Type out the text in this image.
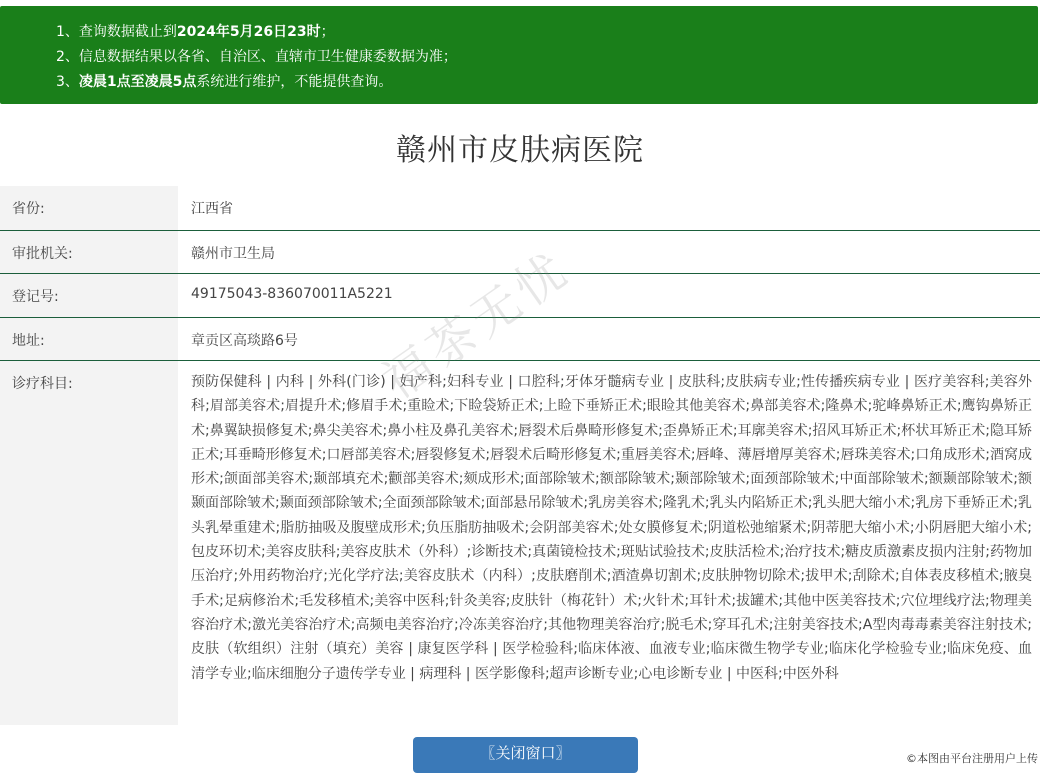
1、查询数据截止到2024年5月26日23时；
2、信息数据结果以各省、自治区、直辖市卫生健康委数据为准；
3、凌晨1点至凌晨5点系统进行维护，不能提供查询。
赣州市皮肤病医院
省份:	江西省
审批机关:	赣州市卫生局
登记号:	49175043-836070011A5221
地址:	章贡区高琰路6号
诊疗科目:	预防保健科 | 内科 | 外科(门诊) | 妇产科;妇科专业 | 口腔科;牙体牙髓病专业 | 皮肤科;皮肤病专业;性传播疾病专业 | 医疗美容科;美容外科;眉部美容术;眉提升术;修眉手术;重睑术;下睑袋矫正术;上睑下垂矫正术;眼睑其他美容术;鼻部美容术;隆鼻术;驼峰鼻矫正术;鹰钩鼻矫正术;鼻翼缺损修复术;鼻尖美容术;鼻小柱及鼻孔美容术;唇裂术后鼻畸形修复术;歪鼻矫正术;耳廓美容术;招风耳矫正术;杯状耳矫正术;隐耳矫正术;耳垂畸形修复术;口唇部美容术;唇裂修复术;唇裂术后畸形修复术;重唇美容术;唇峰、薄唇增厚美容术;唇珠美容术;口角成形术;酒窝成形术;颌面部美容术;颞部填充术;颧部美容术;颏成形术;面部除皱术;额部除皱术;颞部除皱术;面颈部除皱术;中面部除皱术;额颞部除皱术;额颞面部除皱术;颞面颈部除皱术;全面颈部除皱术;面部悬吊除皱术;乳房美容术;隆乳术;乳头内陷矫正术;乳头肥大缩小术;乳房下垂矫正术;乳头乳晕重建术;脂肪抽吸及腹壁成形术;负压脂肪抽吸术;会阴部美容术;处女膜修复术;阴道松弛缩紧术;阴蒂肥大缩小术;小阴唇肥大缩小术;包皮环切术;美容皮肤科;美容皮肤术（外科）;诊断技术;真菌镜检技术;斑贴试验技术;皮肤活检术;治疗技术;糖皮质激素皮损内注射;药物加压治疗;外用药物治疗;光化学疗法;美容皮肤术（内科）;皮肤磨削术;酒渣鼻切割术;皮肤肿物切除术;拔甲术;刮除术;自体表皮移植术;腋臭手术;足病修治术;毛发移植术;美容中医科;针灸美容;皮肤针（梅花针）术;火针术;耳针术;拔罐术;其他中医美容技术;穴位埋线疗法;物理美容治疗术;激光美容治疗术;高频电美容治疗;冷冻美容治疗;其他物理美容治疗;脱毛术;穿耳孔术;注射美容技术;A型肉毒毒素美容注射技术;皮肤（软组织）注射（填充）美容 | 康复医学科 | 医学检验科;临床体液、血液专业;临床微生物学专业;临床化学检验专业;临床免疫、血清学专业;临床细胞分子遗传学专业 | 病理科 | 医学影像科;超声诊断专业;心电诊断专业 | 中医科;中医外科
福茶无忧
〖关闭窗口〗	©本图由平台注册用户上传
